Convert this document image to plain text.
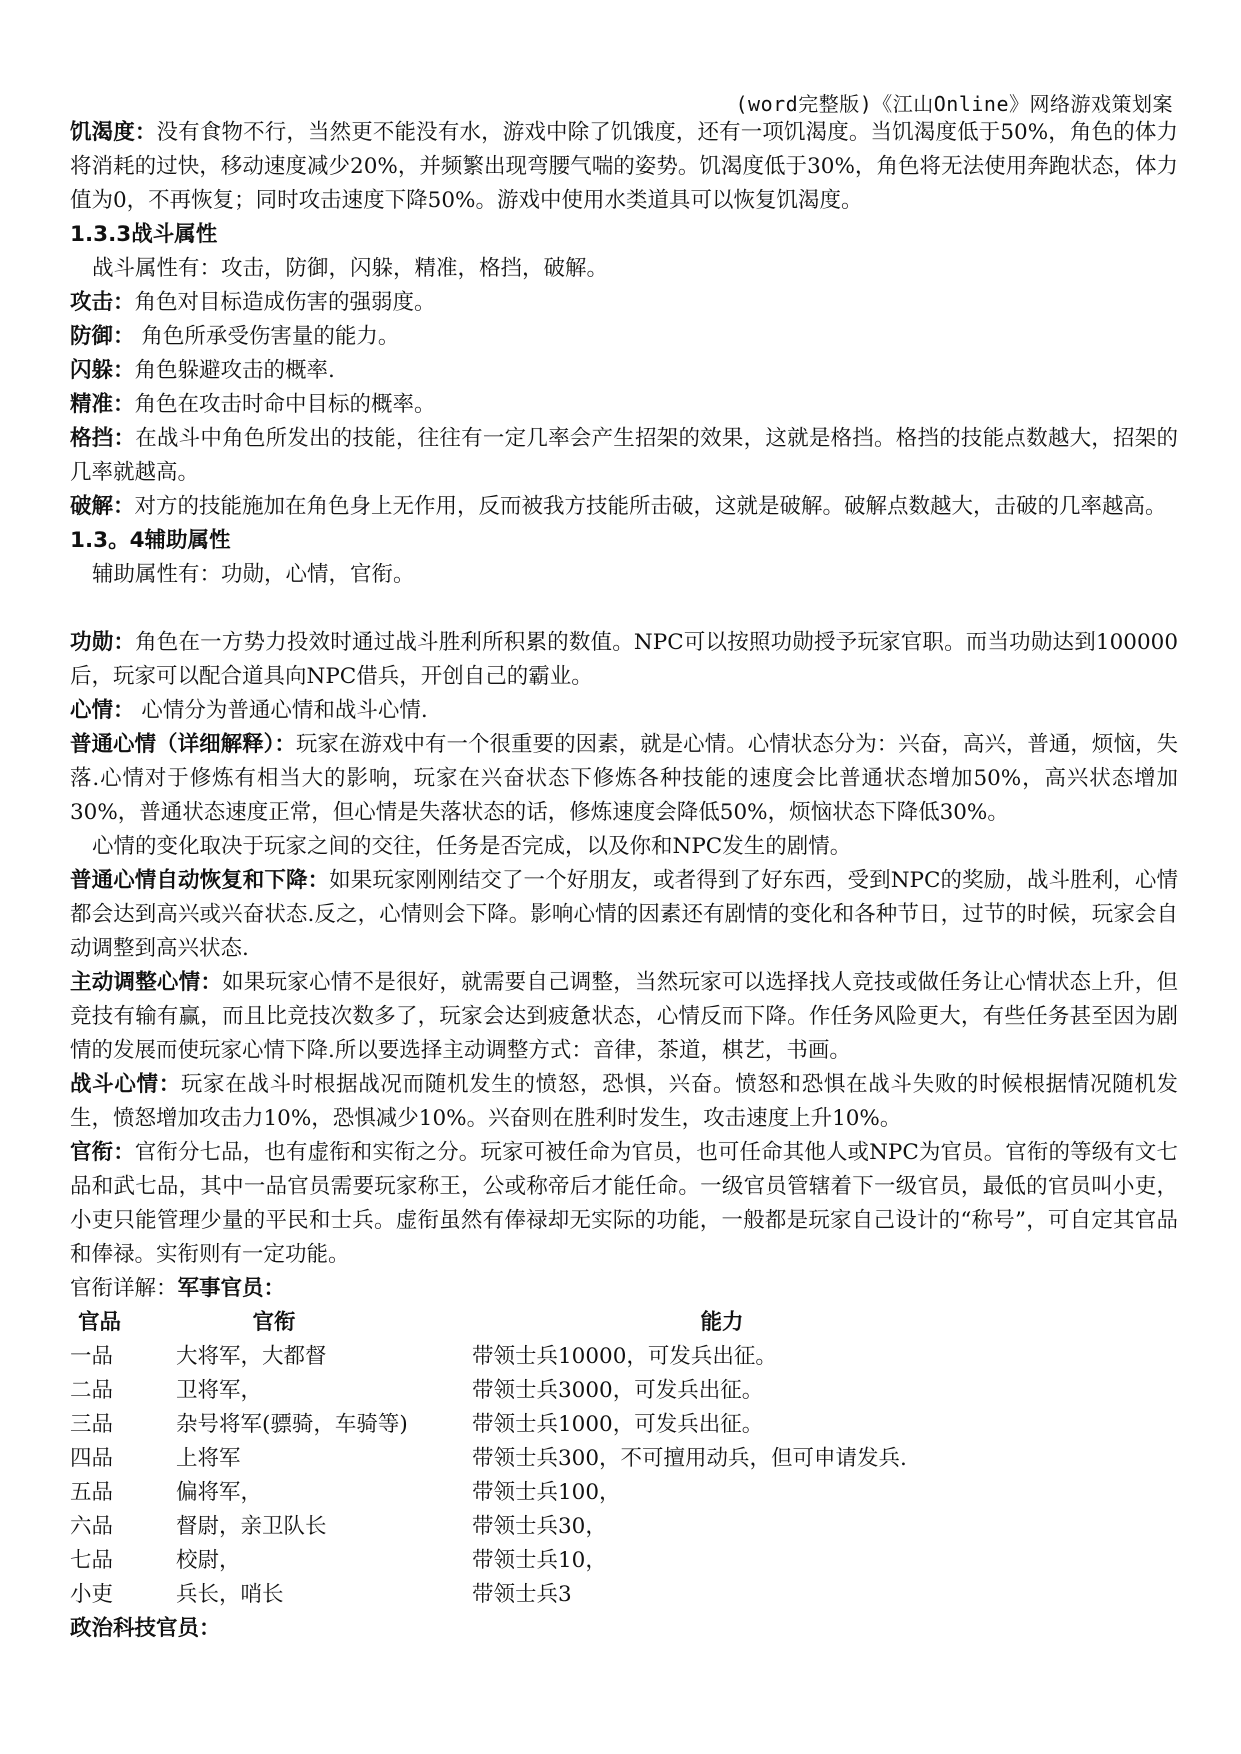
(word完整版)《江山Online》网络游戏策划案

饥渴度：没有食物不行，当然更不能没有水，游戏中除了饥饿度，还有一项饥渴度。当饥渴度低于50%，角色的体力将消耗的过快，移动速度减少20%，并频繁出现弯腰气喘的姿势。饥渴度低于30%，角色将无法使用奔跑状态，体力值为0，不再恢复；同时攻击速度下降50%。游戏中使用水类道具可以恢复饥渴度。

1.3.3战斗属性

战斗属性有：攻击，防御，闪躲，精准，格挡，破解。

攻击：角色对目标造成伤害的强弱度。

防御： 角色所承受伤害量的能力。

闪躲：角色躲避攻击的概率.

精准：角色在攻击时命中目标的概率。

格挡：在战斗中角色所发出的技能，往往有一定几率会产生招架的效果，这就是格挡。格挡的技能点数越大，招架的几率就越高。

破解：对方的技能施加在角色身上无作用，反而被我方技能所击破，这就是破解。破解点数越大，击破的几率越高。

1.3。4辅助属性

辅助属性有：功勋，心情，官衔。

功勋：角色在一方势力投效时通过战斗胜利所积累的数值。NPC可以按照功勋授予玩家官职。而当功勋达到100000后，玩家可以配合道具向NPC借兵，开创自己的霸业。

心情： 心情分为普通心情和战斗心情.

普通心情（详细解释）：玩家在游戏中有一个很重要的因素，就是心情。心情状态分为：兴奋，高兴，普通，烦恼，失落.心情对于修炼有相当大的影响，玩家在兴奋状态下修炼各种技能的速度会比普通状态增加50%，高兴状态增加30%，普通状态速度正常，但心情是失落状态的话，修炼速度会降低50%，烦恼状态下降低30%。

心情的变化取决于玩家之间的交往，任务是否完成，以及你和NPC发生的剧情。

普通心情自动恢复和下降：如果玩家刚刚结交了一个好朋友，或者得到了好东西，受到NPC的奖励，战斗胜利，心情都会达到高兴或兴奋状态.反之，心情则会下降。影响心情的因素还有剧情的变化和各种节日，过节的时候，玩家会自动调整到高兴状态.

主动调整心情：如果玩家心情不是很好，就需要自己调整，当然玩家可以选择找人竞技或做任务让心情状态上升，但竞技有输有赢，而且比竞技次数多了，玩家会达到疲惫状态，心情反而下降。作任务风险更大，有些任务甚至因为剧情的发展而使玩家心情下降.所以要选择主动调整方式：音律，茶道，棋艺，书画。

战斗心情：玩家在战斗时根据战况而随机发生的愤怒，恐惧，兴奋。愤怒和恐惧在战斗失败的时候根据情况随机发生，愤怒增加攻击力10%，恐惧减少10%。兴奋则在胜利时发生，攻击速度上升10%。

官衔：官衔分七品，也有虚衔和实衔之分。玩家可被任命为官员，也可任命其他人或NPC为官员。官衔的等级有文七品和武七品，其中一品官员需要玩家称王，公或称帝后才能任命。一级官员管辖着下一级官员，最低的官员叫小吏，小吏只能管理少量的平民和士兵。虚衔虽然有俸禄却无实际的功能，一般都是玩家自己设计的“称号”，可自定其官品和俸禄。实衔则有一定功能。

官衔详解：军事官员：

官品	官衔	能力
一品	大将军，大都督	带领士兵10000，可发兵出征。
二品	卫将军，	带领士兵3000，可发兵出征。
三品	杂号将军(骠骑，车骑等)	带领士兵1000，可发兵出征。
四品	上将军	带领士兵300，不可擅用动兵，但可申请发兵.
五品	偏将军，	带领士兵100，
六品	督尉，亲卫队长	带领士兵30，
七品	校尉，	带领士兵10，
小吏	兵长，哨长	带领士兵3

政治科技官员：
